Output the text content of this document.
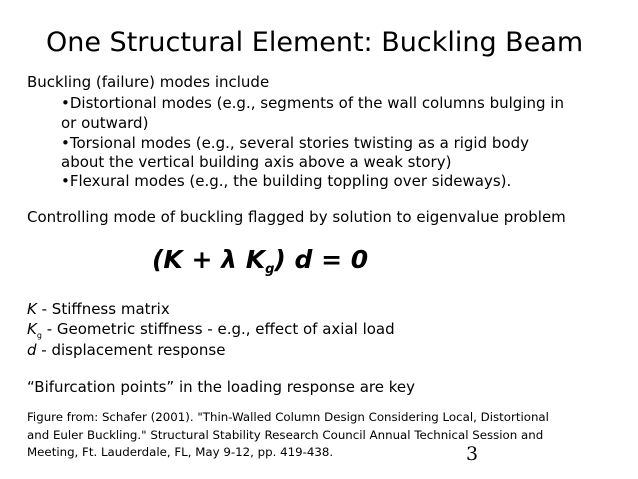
One Structural Element: Buckling Beam
Buckling (failure) modes include
•Distortional modes (e.g., segments of the wall columns bulging in
or outward)
•Torsional modes (e.g., several stories twisting as a rigid body
about the vertical building axis above a weak story)
•Flexural modes (e.g., the building toppling over sideways).
Controlling mode of buckling flagged by solution to eigenvalue problem
(K + λ $K_g$) d = 0
K - Stiffness matrix
$K_g$ - Geometric stiffness - e.g., effect of axial load
d - displacement response
“Bifurcation points” in the loading response are key
Figure from: Schafer (2001). "Thin-Walled Column Design Considering Local, Distortional
and Euler Buckling." Structural Stability Research Council Annual Technical Session and
Meeting, Ft. Lauderdale, FL, May 9-12, pp. 419-438.	3
